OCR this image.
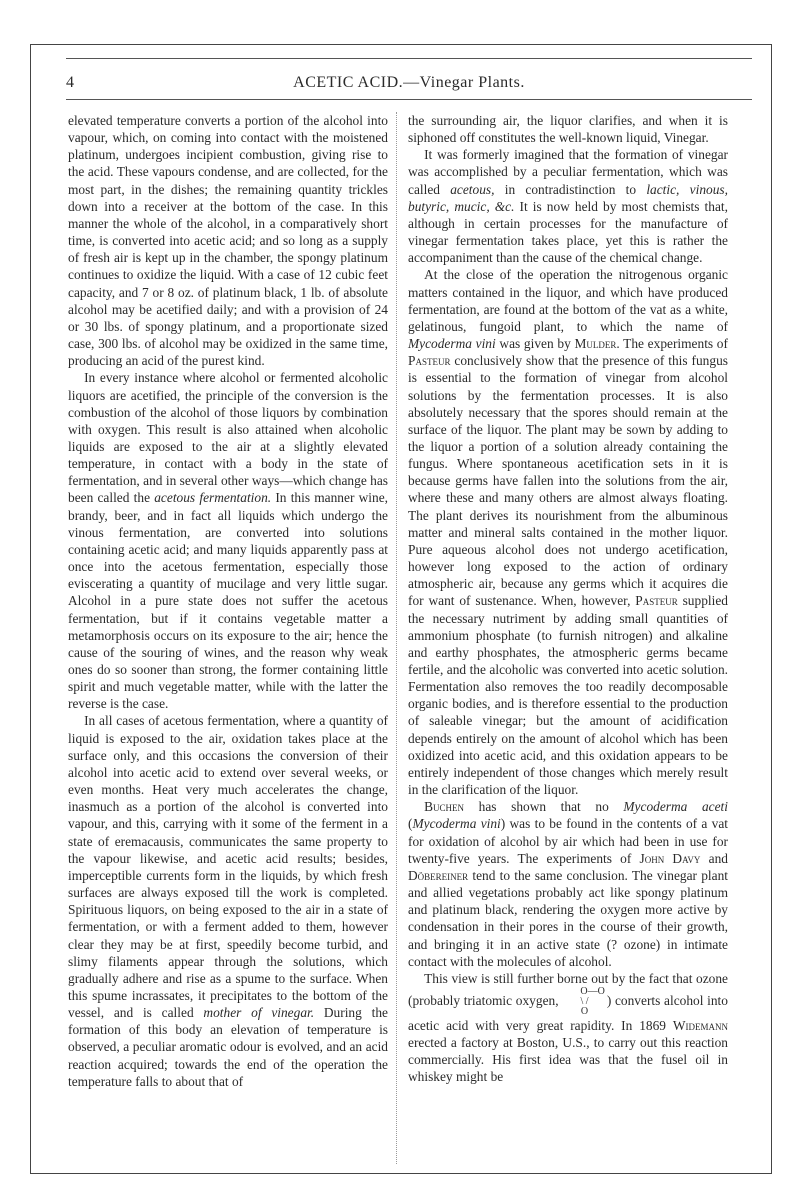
4	ACETIC ACID.—Vinegar Plants.

elevated temperature converts a portion of the alcohol into vapour, which, on coming into contact with the moistened platinum, undergoes incipient combustion, giving rise to the acid. These vapours condense, and are collected, for the most part, in the dishes; the remaining quantity trickles down into a receiver at the bottom of the case. In this manner the whole of the alcohol, in a comparatively short time, is converted into acetic acid; and so long as a supply of fresh air is kept up in the chamber, the spongy platinum continues to oxidize the liquid. With a case of 12 cubic feet capacity, and 7 or 8 oz. of platinum black, 1 lb. of absolute alcohol may be acetified daily; and with a provision of 24 or 30 lbs. of spongy platinum, and a proportionate sized case, 300 lbs. of alcohol may be oxidized in the same time, producing an acid of the purest kind.

In every instance where alcohol or fermented alcoholic liquors are acetified, the principle of the conversion is the combustion of the alcohol of those liquors by combination with oxygen. This result is also attained when alcoholic liquids are exposed to the air at a slightly elevated temperature, in contact with a body in the state of fermentation, and in several other ways—which change has been called the acetous fermentation. In this manner wine, brandy, beer, and in fact all liquids which undergo the vinous fermentation, are converted into solutions containing acetic acid; and many liquids apparently pass at once into the acetous fermentation, especially those eviscerating a quantity of mucilage and very little sugar. Alcohol in a pure state does not suffer the acetous fermentation, but if it contains vegetable matter a metamorphosis occurs on its exposure to the air; hence the cause of the souring of wines, and the reason why weak ones do so sooner than strong, the former containing little spirit and much vegetable matter, while with the latter the reverse is the case.

In all cases of acetous fermentation, where a quantity of liquid is exposed to the air, oxidation takes place at the surface only, and this occasions the conversion of their alcohol into acetic acid to extend over several weeks, or even months. Heat very much accelerates the change, inasmuch as a portion of the alcohol is converted into vapour, and this, carrying with it some of the ferment in a state of eremacausis, communicates the same property to the vapour likewise, and acetic acid results; besides, imperceptible currents form in the liquids, by which fresh surfaces are always exposed till the work is completed. Spirituous liquors, on being exposed to the air in a state of fermentation, or with a ferment added to them, however clear they may be at first, speedily become turbid, and slimy filaments appear through the solutions, which gradually adhere and rise as a spume to the surface. When this spume incrassates, it precipitates to the bottom of the vessel, and is called mother of vinegar. During the formation of this body an elevation of temperature is observed, a peculiar aromatic odour is evolved, and an acid reaction acquired; towards the end of the operation the temperature falls to about that of

the surrounding air, the liquor clarifies, and when it is siphoned off constitutes the well-known liquid, Vinegar.

It was formerly imagined that the formation of vinegar was accomplished by a peculiar fermentation, which was called acetous, in contradistinction to lactic, vinous, butyric, mucic, &c. It is now held by most chemists that, although in certain processes for the manufacture of vinegar fermentation takes place, yet this is rather the accompaniment than the cause of the chemical change.

At the close of the operation the nitrogenous organic matters contained in the liquor, and which have produced fermentation, are found at the bottom of the vat as a white, gelatinous, fungoid plant, to which the name of Mycoderma vini was given by Mulder. The experiments of Pasteur conclusively show that the presence of this fungus is essential to the formation of vinegar from alcohol solutions by the fermentation processes. It is also absolutely necessary that the spores should remain at the surface of the liquor. The plant may be sown by adding to the liquor a portion of a solution already containing the fungus. Where spontaneous acetification sets in it is because germs have fallen into the solutions from the air, where these and many others are almost always floating. The plant derives its nourishment from the albuminous matter and mineral salts contained in the mother liquor. Pure aqueous alcohol does not undergo acetification, however long exposed to the action of ordinary atmospheric air, because any germs which it acquires die for want of sustenance. When, however, Pasteur supplied the necessary nutriment by adding small quantities of ammonium phosphate (to furnish nitrogen) and alkaline and earthy phosphates, the atmospheric germs became fertile, and the alcoholic was converted into acetic solution. Fermentation also removes the too readily decomposable organic bodies, and is therefore essential to the production of saleable vinegar; but the amount of acidification depends entirely on the amount of alcohol which has been oxidized into acetic acid, and this oxidation appears to be entirely independent of those changes which merely result in the clarification of the liquor.

Buchen has shown that no Mycoderma aceti (Mycoderma vini) was to be found in the contents of a vat for oxidation of alcohol by air which had been in use for twenty-five years. The experiments of John Davy and Döbereiner tend to the same conclusion. The vinegar plant and allied vegetations probably act like spongy platinum and platinum black, rendering the oxygen more active by condensation in their pores in the course of their growth, and bringing it in an active state (? ozone) in intimate contact with the molecules of alcohol.

This view is still further borne out by the fact that ozone (probably triatomic oxygen, O—O
\ /
O) converts alcohol into acetic acid with very great rapidity. In 1869 Widemann erected a factory at Boston, U.S., to carry out this reaction commercially. His first idea was that the fusel oil in whiskey might be
